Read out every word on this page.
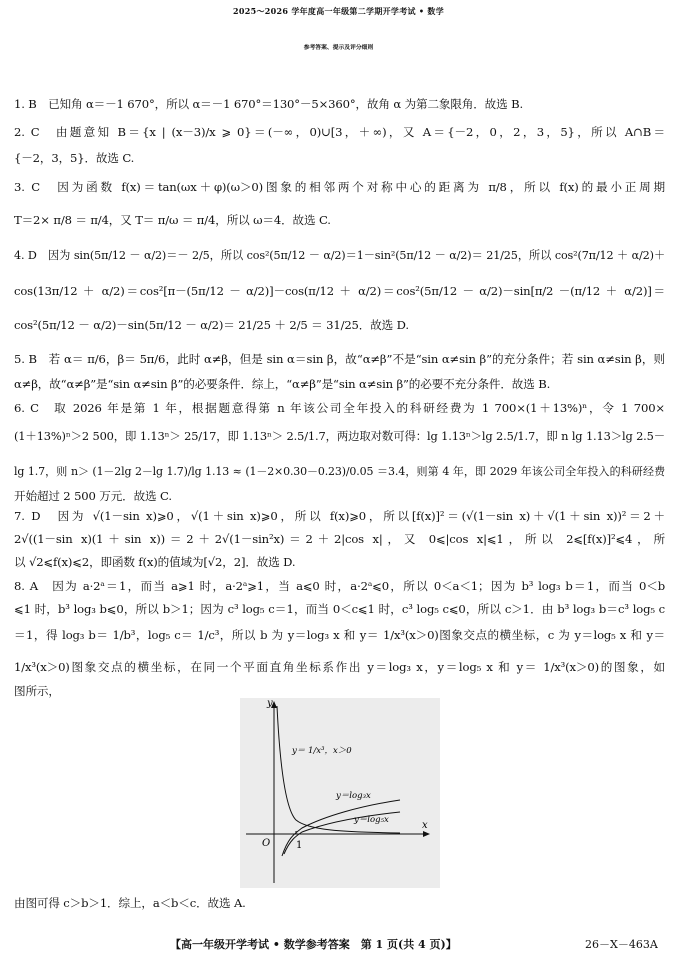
2025～2026 学年度高一年级第二学期开学考试 • 数学
参考答案、提示及评分细则
1. B　已知角 α＝－1 670°，所以 α＝－1 670°＝130°－5×360°，故角 α 为第二象限角．故选 B.
2. C　由题意知 B＝{x | (x－3)/x ⩾ 0}＝(－∞，0)∪[3，＋∞)，又 A＝{－2，0，2，3，5}，所以 A∩B＝
{－2，3，5}．故选 C.
3. C　因为函数 f(x)＝tan(ωx＋φ)(ω＞0)图象的相邻两个对称中心的距离为 π/8，所以 f(x)的最小正周期
T＝2× π/8 ＝ π/4，又 T＝ π/ω ＝ π/4，所以 ω＝4．故选 C.
4. D　因为 sin(5π/12 － α/2)＝－ 2/5，所以 cos²(5π/12 － α/2)＝1－sin²(5π/12 － α/2)＝ 21/25，所以 cos²(7π/12 ＋ α/2)＋
cos(13π/12 ＋ α/2)＝cos²[π－(5π/12 － α/2)]－cos(π/12 ＋ α/2)＝cos²(5π/12 － α/2)－sin[π/2 －(π/12 ＋ α/2)]＝
cos²(5π/12 － α/2)－sin(5π/12 － α/2)＝ 21/25 ＋ 2/5 ＝ 31/25．故选 D.
5. B　若 α＝ π/6，β＝ 5π/6，此时 α≠β，但是 sin α＝sin β，故“α≠β”不是“sin α≠sin β”的充分条件；若 sin α≠sin β，则
α≠β，故“α≠β”是“sin α≠sin β”的必要条件．综上，“α≠β”是“sin α≠sin β”的必要不充分条件．故选 B.
6. C　取 2026 年是第 1 年，根据题意得第 n 年该公司全年投入的科研经费为 1 700×(1＋13%)ⁿ，令 1 700×
(1＋13%)ⁿ＞2 500，即 1.13ⁿ＞ 25/17，即 1.13ⁿ＞ 2.5/1.7，两边取对数可得：lg 1.13ⁿ＞lg 2.5/1.7，即 n lg 1.13＞lg 2.5－
lg 1.7，则 n＞ (1－2lg 2－lg 1.7)/lg 1.13 ≈ (1－2×0.30－0.23)/0.05 ＝3.4，则第 4 年，即 2029 年该公司全年投入的科研经费
开始超过 2 500 万元．故选 C.
7. D　因为 √(1－sin x)⩾0，√(1＋sin x)⩾0，所以 f(x)⩾0，所以[f(x)]²＝(√(1－sin x)＋√(1＋sin x))²＝2＋
2√((1－sin x)(1＋sin x))＝2＋2√(1－sin²x)＝2＋2|cos x|，又 0⩽|cos x|⩽1，所以 2⩽[f(x)]²⩽4，所
以 √2⩽f(x)⩽2，即函数 f(x)的值域为[√2，2]．故选 D.
8. A　因为 a·2ᵃ＝1，而当 a⩾1 时，a·2ᵃ⩾1，当 a⩽0 时，a·2ᵃ⩽0，所以 0＜a＜1；因为 b³ log₃ b＝1，而当 0＜b
⩽1 时，b³ log₃ b⩽0，所以 b＞1；因为 c³ log₅ c＝1，而当 0＜c⩽1 时，c³ log₅ c⩽0，所以 c＞1．由 b³ log₃ b＝c³ log₅ c
＝1，得 log₃ b＝ 1/b³，log₅ c＝ 1/c³，所以 b 为 y＝log₃ x 和 y＝ 1/x³(x＞0)图象交点的横坐标，c 为 y＝log₅ x 和 y＝
1/x³(x＞0)图象交点的横坐标，在同一个平面直角坐标系作出 y＝log₃ x，y＝log₅ x 和 y＝ 1/x³(x＞0)的图象，如
图所示，
y
x
O	1
y＝ 1/x³，x＞0
y＝log₃x
y＝log₅x
由图可得 c＞b＞1．综上，a＜b＜c．故选 A.
【高一年级开学考试 • 数学参考答案　第 1 页(共 4 页)】	26－X－463A
